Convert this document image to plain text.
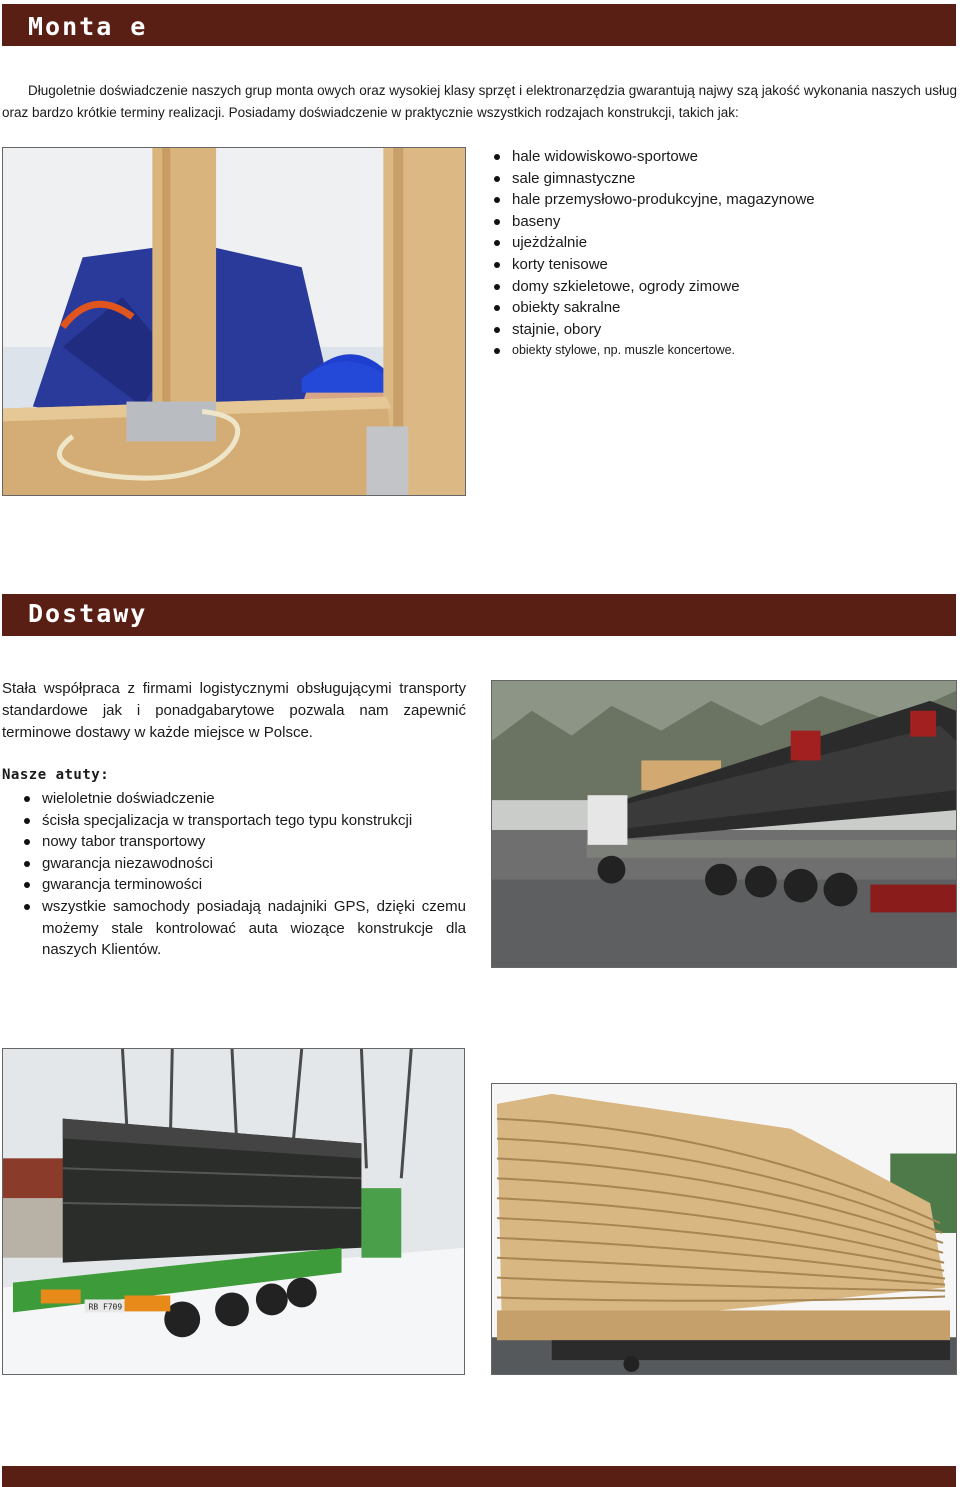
Monta e

Długoletnie doświadczenie naszych grup monta owych oraz wysokiej klasy sprzęt i elektronarzędzia gwarantują najwy szą jakość wykonania naszych usług oraz bardzo krótkie terminy realizacji. Posiadamy doświadczenie w praktycznie wszystkich rodzajach konstrukcji, takich jak:

hale widowiskowo-sportowe
sale gimnastyczne
hale przemysłowo-produkcyjne, magazynowe
baseny
ujeżdżalnie
korty tenisowe
domy szkieletowe, ogrody zimowe
obiekty sakralne
stajnie, obory
obiekty stylowe, np. muszle koncertowe.
Dostawy

Stała współpraca z firmami logistycznymi obsługującymi transporty standardowe jak i ponadgabarytowe pozwala nam zapewnić terminowe dostawy w każde miejsce w Polsce.

Nasze atuty:
wieloletnie doświadczenie
ścisła specjalizacja w transportach tego typu konstrukcji
nowy tabor transportowy
gwarancja niezawodności
gwarancja terminowości
wszystkie samochody posiadają nadajniki GPS, dzięki czemu możemy stale kontrolować auta wiozące konstrukcje dla naszych Klientów.
RB F709
